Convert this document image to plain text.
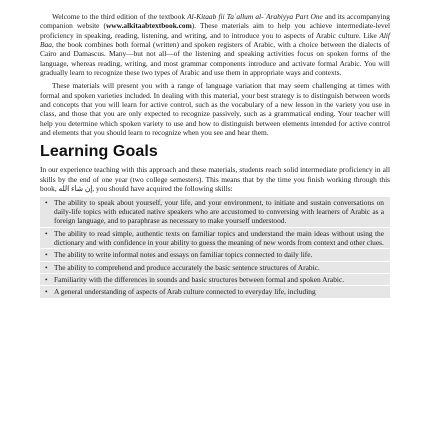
Welcome to the third edition of the textbook Al-Kitaab fii Taʿallum al-ʿArabiyya Part One and its accompanying companion website (www.alkitaabtextbook.com). These materials aim to help you achieve intermediate-level proficiency in speaking, reading, listening, and writing, and to introduce you to aspects of Arabic culture. Like Alif Baa, the book combines both formal (written) and spoken registers of Arabic, with a choice between the dialects of Cairo and Damascus. Many—but not all—of the listening and speaking activities focus on spoken forms of the language, whereas reading, writing, and most grammar components introduce and activate formal Arabic. You will gradually learn to recognize these two types of Arabic and use them in appropriate ways and contexts.

These materials will present you with a range of language variation that may seem challenging at times with formal and spoken varieties included. In dealing with this material, your best strategy is to distinguish between words and concepts that you will learn for active control, such as the vocabulary of a new lesson in the variety you use in class, and those that you are only expected to recognize passively, such as a grammatical ending. Your teacher will help you determine which spoken variety to use and how to distinguish between elements intended for active control and elements that you should learn to recognize when you see and hear them.

Learning Goals

In our experience teaching with this approach and these materials, students reach solid intermediate proficiency in all skills by the end of one year (two college semesters). This means that by the time you finish working through this book, إن شاء الله, you should have acquired the following skills:

• The ability to speak about yourself, your life, and your environment, to initiate and sustain conversations on daily-life topics with educated native speakers who are accustomed to conversing with learners of Arabic as a foreign language, and to paraphrase as necessary to make yourself understood.
• The ability to read simple, authentic texts on familiar topics and understand the main ideas without using the dictionary and with confidence in your ability to guess the meaning of new words from context and other clues.
• The ability to write informal notes and essays on familiar topics connected to daily life.
• The ability to comprehend and produce accurately the basic sentence structures of Arabic.
• Familiarity with the differences in sounds and basic structures between formal and spoken Arabic.
• A general understanding of aspects of Arab culture connected to everyday life, including
